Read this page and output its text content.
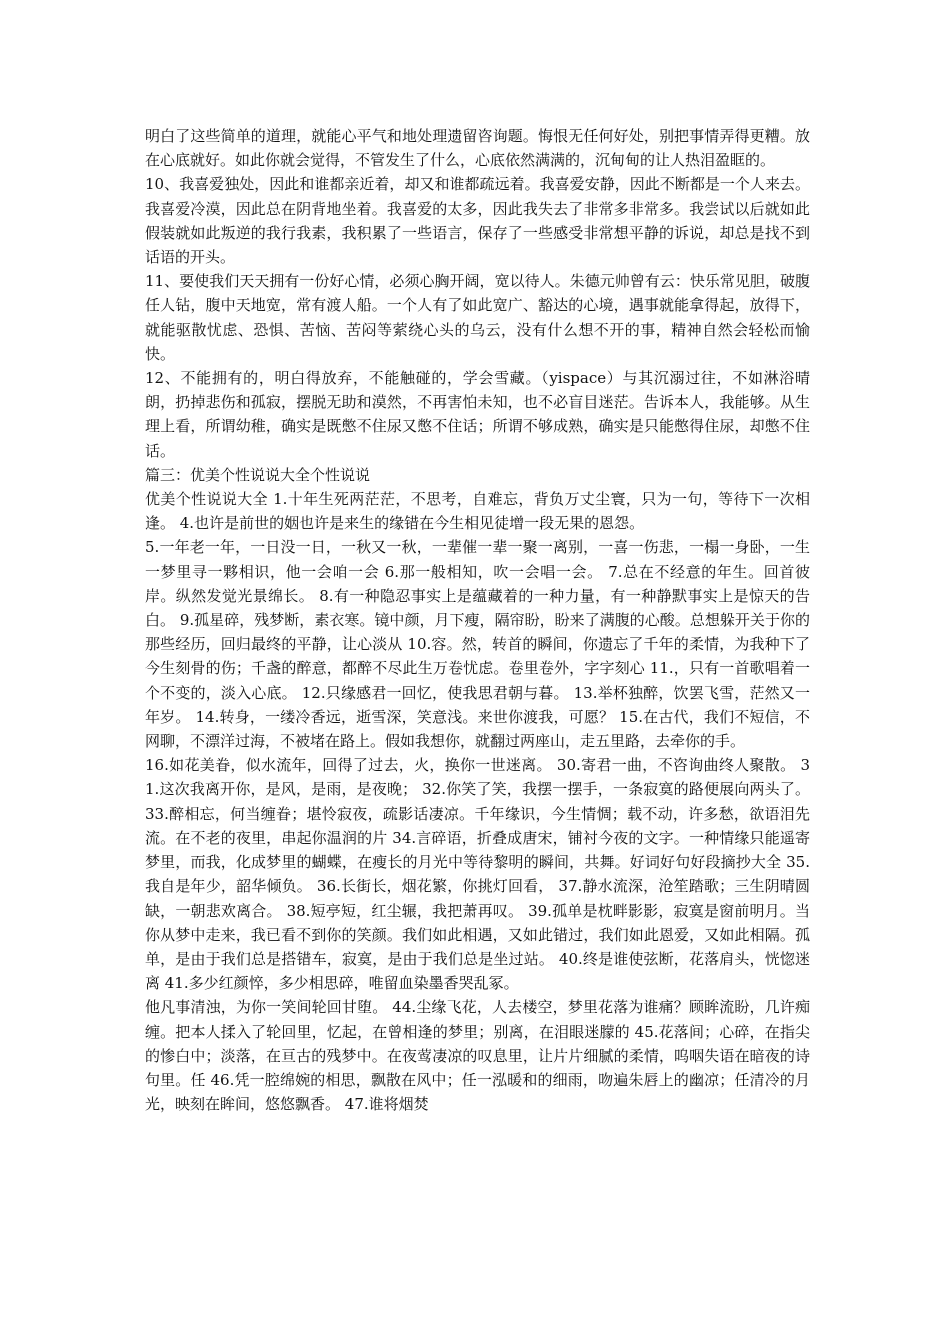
明白了这些简单的道理，就能心平气和地处理遗留咨询题。悔恨无任何好处，别把事情弄得更糟。放在心底就好。如此你就会觉得，不管发生了什么，心底依然满满的，沉甸甸的让人热泪盈眶的。

10、我喜爱独处，因此和谁都亲近着，却又和谁都疏远着。我喜爱安静，因此不断都是一个人来去。我喜爱冷漠，因此总在阴背地坐着。我喜爱的太多，因此我失去了非常多非常多。我尝试以后就如此假装就如此叛逆的我行我素，我积累了一些语言，保存了一些感受非常想平静的诉说，却总是找不到话语的开头。

11、要使我们天天拥有一份好心情，必须心胸开阔，宽以待人。朱德元帅曾有云：快乐常见胆，破腹任人钻，腹中天地宽，常有渡人船。一个人有了如此宽广、豁达的心境，遇事就能拿得起，放得下，就能驱散忧虑、恐惧、苦恼、苦闷等萦绕心头的乌云，没有什么想不开的事，精神自然会轻松而愉快。

12、不能拥有的，明白得放弃，不能触碰的，学会雪藏。（yispace）与其沉溺过往，不如淋浴晴朗，扔掉悲伤和孤寂，摆脱无助和漠然，不再害怕未知，也不必盲目迷茫。告诉本人，我能够。从生理上看，所谓幼稚，确实是既憋不住尿又憋不住话；所谓不够成熟，确实是只能憋得住尿，却憋不住话。

篇三：优美个性说说大全个性说说

优美个性说说大全 1.十年生死两茫茫，不思考，自难忘，背负万丈尘寰，只为一句，等待下一次相逢。 4.也许是前世的姻也许是来生的缘错在今生相见徒增一段无果的恩怨。

5.一年老一年，一日没一日，一秋又一秋，一辈催一辈一聚一离别，一喜一伤悲，一榻一身卧，一生一梦里寻一夥相识，他一会咱一会 6.那一般相知，吹一会唱一会。 7.总在不经意的年生。回首彼岸。纵然发觉光景绵长。 8.有一种隐忍事实上是蕴藏着的一种力量，有一种静默事实上是惊天的告白。 9.孤星碎，残梦断，素衣寒。镜中颜，月下瘦，隔帘盼，盼来了满腹的心酸。总想躲开关于你的那些经历，回归最终的平静，让心淡从 10.容。然，转首的瞬间，你遗忘了千年的柔情，为我种下了今生刻骨的伤；千盏的醉意，都醉不尽此生万卷忧虑。卷里卷外，字字刻心 11.，只有一首歌唱着一个不变的，淡入心底。 12.只缘感君一回忆，使我思君朝与暮。 13.举杯独醉，饮罢飞雪，茫然又一年岁。 14.转身，一缕冷香远，逝雪深，笑意浅。来世你渡我，可愿？ 15.在古代，我们不短信，不网聊，不漂洋过海，不被堵在路上。假如我想你，就翻过两座山，走五里路，去牵你的手。

16.如花美眷，似水流年，回得了过去，火，换你一世迷离。 30.寄君一曲，不咨询曲终人聚散。 31.这次我离开你，是风，是雨，是夜晚； 32.你笑了笑，我摆一摆手，一条寂寞的路便展向两头了。 33.醉相忘，何当缠眷；堪怜寂夜，疏影话凄凉。千年缘识，今生情惆；载不动，许多愁，欲语泪先流。在不老的夜里，串起你温润的片 34.言碎语，折叠成唐宋，铺衬今夜的文字。一种情缘只能遥寄梦里，而我，化成梦里的蝴蝶，在瘦长的月光中等待黎明的瞬间，共舞。好词好句好段摘抄大全 35.我自是年少，韶华倾负。 36.长街长，烟花繁，你挑灯回看， 37.静水流深，沧笙踏歌；三生阴晴圆缺，一朝悲欢离合。 38.短亭短，红尘辗，我把萧再叹。 39.孤单是枕畔影影，寂寞是窗前明月。当你从梦中走来，我已看不到你的笑颜。我们如此相遇，又如此错过，我们如此恩爱，又如此相隔。孤单，是由于我们总是搭错车，寂寞，是由于我们总是坐过站。 40.终是谁使弦断，花落肩头，恍惚迷离 41.多少红颜悴，多少相思碎，唯留血染墨香哭乱冢。

他凡事清浊，为你一笑间轮回甘堕。 44.尘缘飞花，人去楼空，梦里花落为谁痛？顾眸流盼，几许痴缠。把本人揉入了轮回里，忆起，在曾相逢的梦里；别离，在泪眼迷朦的 45.花落间；心碎，在指尖的惨白中；淡落，在亘古的残梦中。在夜莺凄凉的叹息里，让片片细腻的柔情，呜咽失语在暗夜的诗句里。任 46.凭一腔绵婉的相思，飘散在风中；任一泓暖和的细雨，吻遍朱唇上的幽凉；任清冷的月光，映刻在眸间，悠悠飘香。 47.谁将烟焚
